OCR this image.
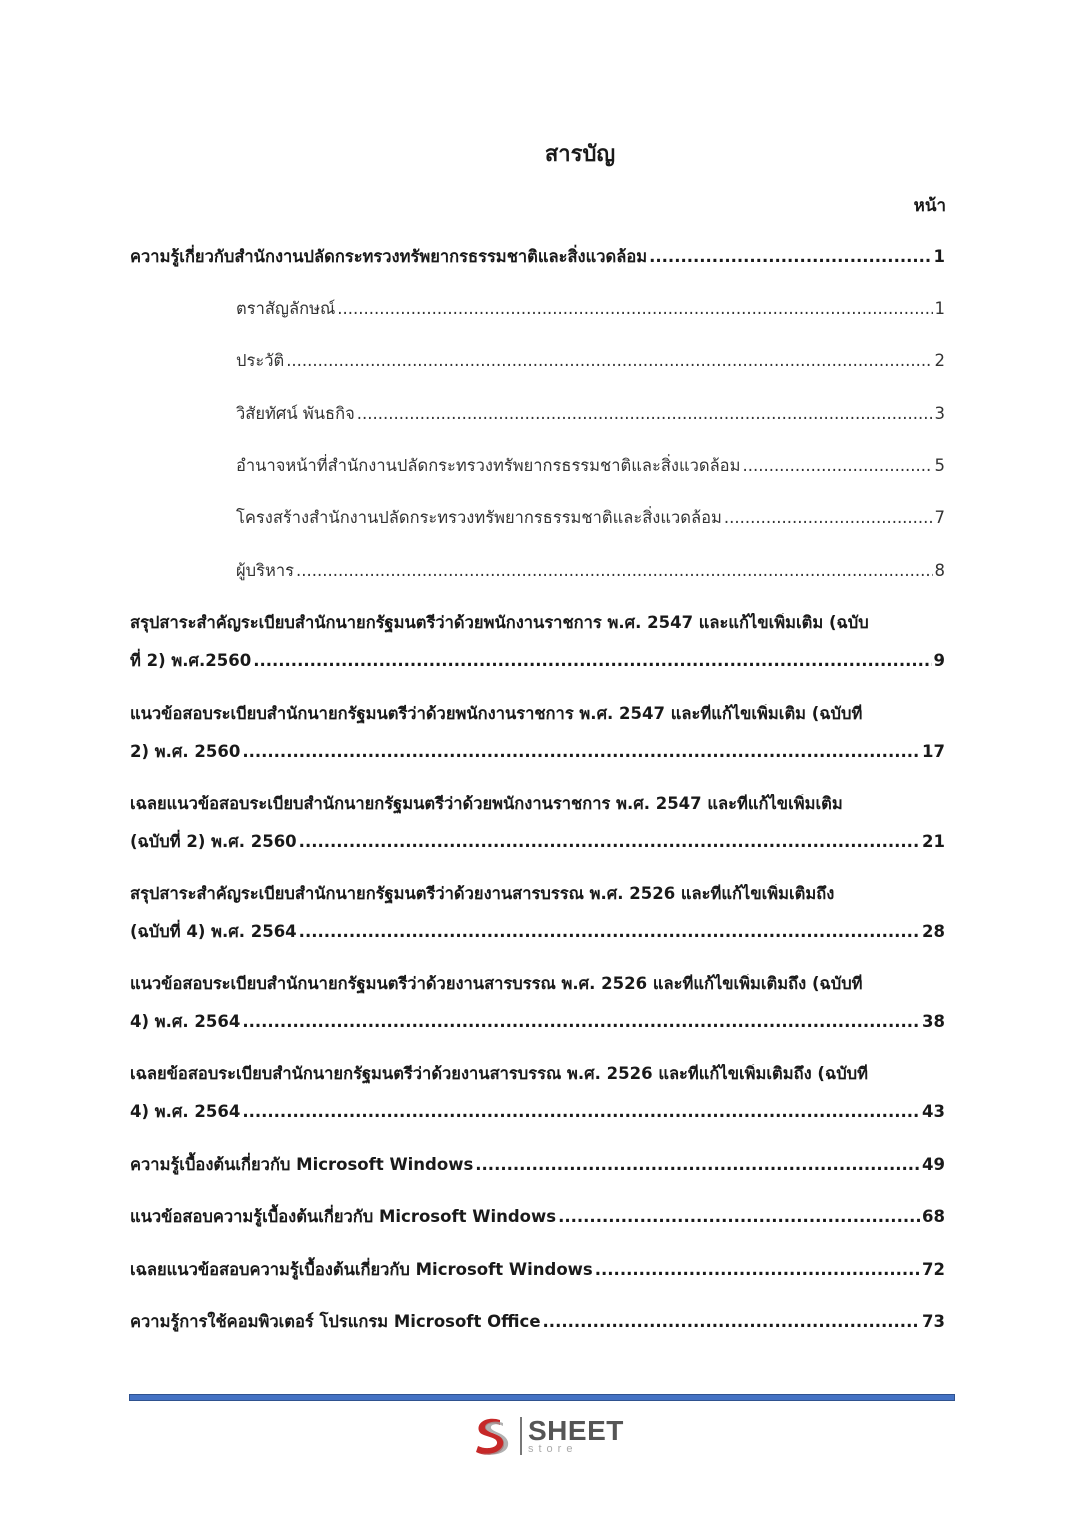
สารบัญ
หน้า
ความรู้เกี่ยวกับสำนักงานปลัดกระทรวงทรัพยากรธรรมชาติและสิ่งแวดล้อม .....	1
ตราสัญลักษณ์ .....	1
ประวัติ .....	2
วิสัยทัศน์ พันธกิจ .....	3
อำนาจหน้าที่สำนักงานปลัดกระทรวงทรัพยากรธรรมชาติและสิ่งแวดล้อม .....	5
โครงสร้างสำนักงานปลัดกระทรวงทรัพยากรธรรมชาติและสิ่งแวดล้อม .....	7
ผู้บริหาร .....	8
สรุปสาระสำคัญระเบียบสำนักนายกรัฐมนตรีว่าด้วยพนักงานราชการ พ.ศ. 2547 และแก้ไขเพิ่มเติม (ฉบับ
ที่ 2) พ.ศ.2560 .....	9
แนวข้อสอบระเบียบสำนักนายกรัฐมนตรีว่าด้วยพนักงานราชการ พ.ศ. 2547 และที่แก้ไขเพิ่มเติม (ฉบับที่
2) พ.ศ. 2560 .....	17
เฉลยแนวข้อสอบระเบียบสำนักนายกรัฐมนตรีว่าด้วยพนักงานราชการ พ.ศ. 2547 และที่แก้ไขเพิ่มเติม
(ฉบับที่ 2) พ.ศ. 2560 .....	21
สรุปสาระสำคัญระเบียบสำนักนายกรัฐมนตรีว่าด้วยงานสารบรรณ พ.ศ. 2526 และที่แก้ไขเพิ่มเติมถึง
(ฉบับที่ 4) พ.ศ. 2564 .....	28
แนวข้อสอบระเบียบสำนักนายกรัฐมนตรีว่าด้วยงานสารบรรณ พ.ศ. 2526 และที่แก้ไขเพิ่มเติมถึง (ฉบับที่
4) พ.ศ. 2564 .....	38
เฉลยข้อสอบระเบียบสำนักนายกรัฐมนตรีว่าด้วยงานสารบรรณ พ.ศ. 2526 และที่แก้ไขเพิ่มเติมถึง (ฉบับที่
4) พ.ศ. 2564 .....	43
ความรู้เบื้องต้นเกี่ยวกับ Microsoft Windows .....	49
แนวข้อสอบความรู้เบื้องต้นเกี่ยวกับ Microsoft Windows .....	68
เฉลยแนวข้อสอบความรู้เบื้องต้นเกี่ยวกับ Microsoft Windows .....	72
ความรู้การใช้คอมพิวเตอร์ โปรแกรม Microsoft Office .....	73
SHEET
store
